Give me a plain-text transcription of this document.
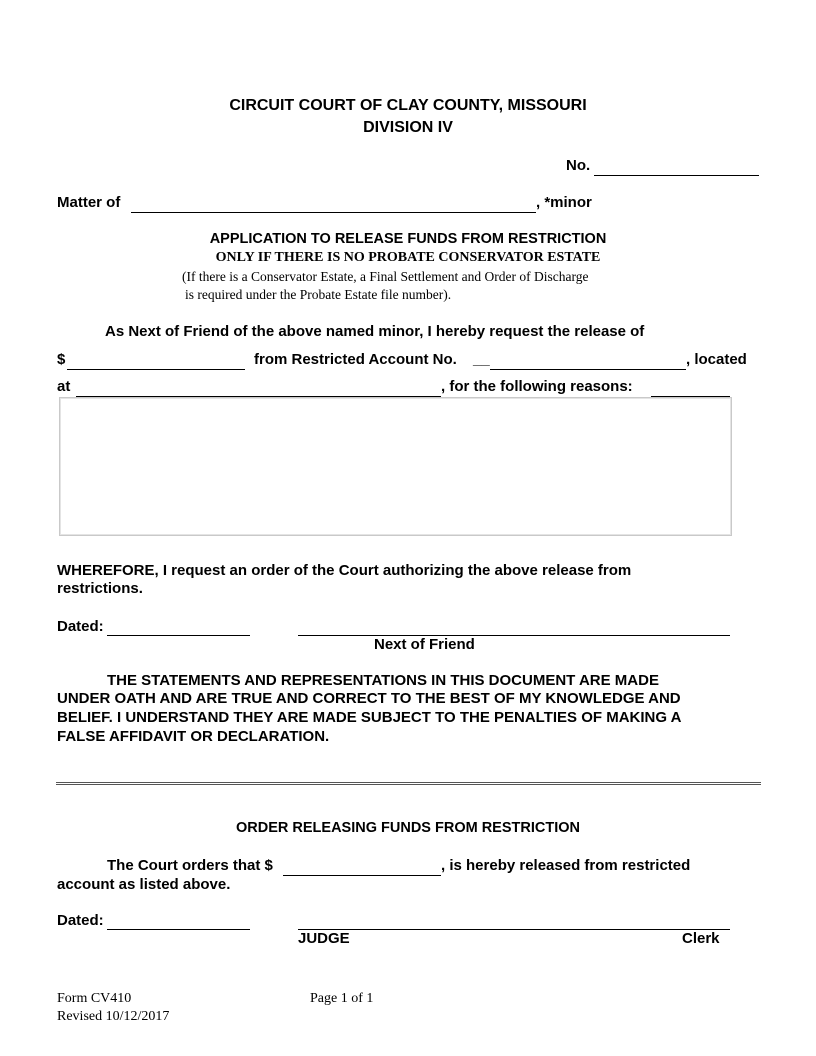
CIRCUIT COURT OF CLAY COUNTY, MISSOURI
DIVISION IV
No.
Matter of	, *minor
APPLICATION TO RELEASE FUNDS FROM RESTRICTION
ONLY IF THERE IS NO PROBATE CONSERVATOR ESTATE
(If there is a Conservator Estate, a Final Settlement and Order of Discharge
is required under the Probate Estate file number).
As Next of Friend of the above named minor, I hereby request the release of
$	from Restricted Account No. __	, located
at	, for the following reasons:
WHEREFORE, I request an order of the Court authorizing the above release from
restrictions.
Dated:
Next of Friend
THE STATEMENTS AND REPRESENTATIONS IN THIS DOCUMENT ARE MADE
UNDER OATH AND ARE TRUE AND CORRECT TO THE BEST OF MY KNOWLEDGE AND
BELIEF. I UNDERSTAND THEY ARE MADE SUBJECT TO THE PENALTIES OF MAKING A
FALSE AFFIDAVIT OR DECLARATION.
ORDER RELEASING FUNDS FROM RESTRICTION
The Court orders that $	, is hereby released from restricted
account as listed above.
Dated:
JUDGE	Clerk
Form CV410
Revised 10/12/2017
Page 1 of 1
